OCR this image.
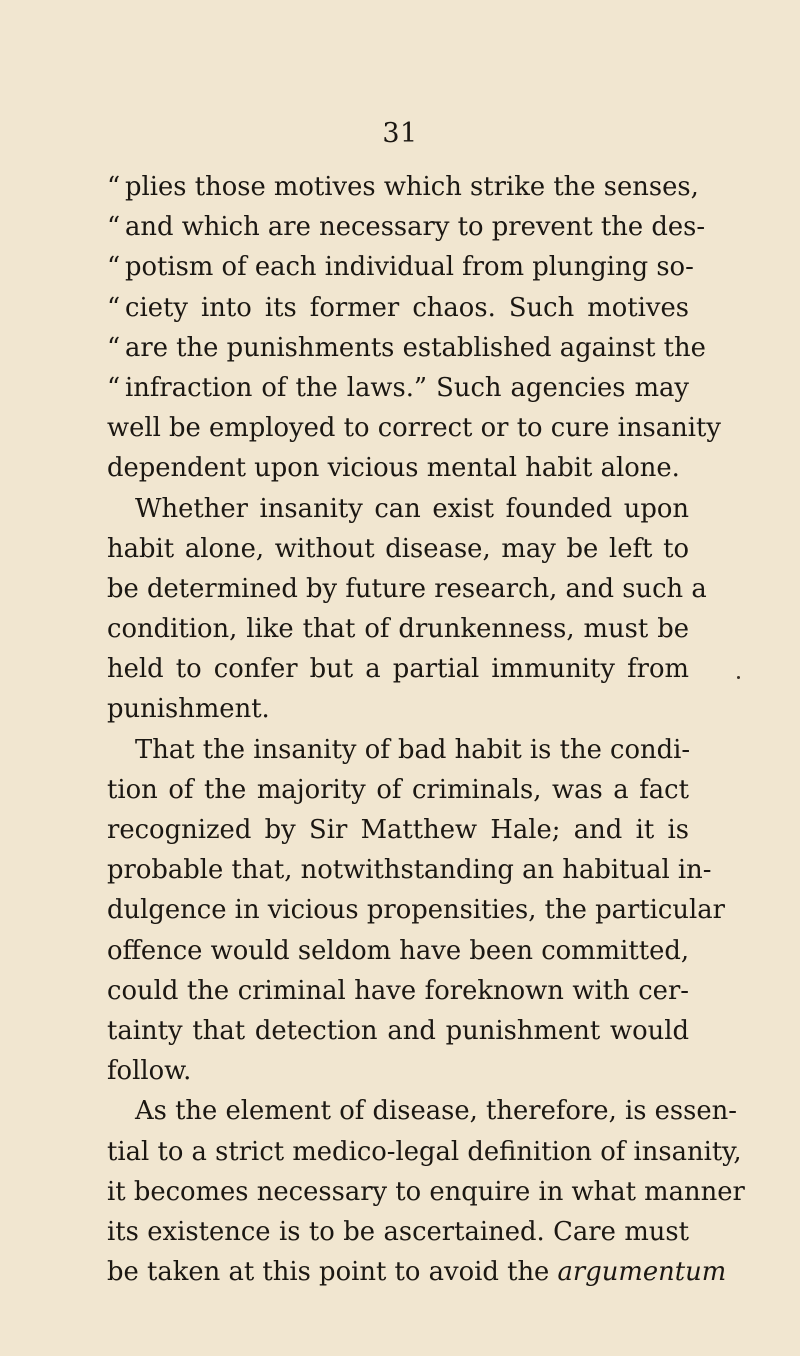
31
“ plies those motives which strike the senses,
“ and which are necessary to prevent the des-
“ potism of each individual from plunging so-
“ ciety into its former chaos. Such motives
“ are the punishments established against the
“ infraction of the laws.” Such agencies may
well be employed to correct or to cure insanity
dependent upon vicious mental habit alone.
Whether insanity can exist founded upon
habit alone, without disease, may be left to
be determined by future research, and such a
condition, like that of drunkenness, must be
held to confer but a partial immunity from
punishment.
That the insanity of bad habit is the condi-
tion of the majority of criminals, was a fact
recognized by Sir Matthew Hale; and it is
probable that, notwithstanding an habitual in-
dulgence in vicious propensities, the particular
offence would seldom have been committed,
could the criminal have foreknown with cer-
tainty that detection and punishment would
follow.
As the element of disease, therefore, is essen-
tial to a strict medico-legal definition of insanity,
it becomes necessary to enquire in what manner
its existence is to be ascertained. Care must
be taken at this point to avoid the argumentum
